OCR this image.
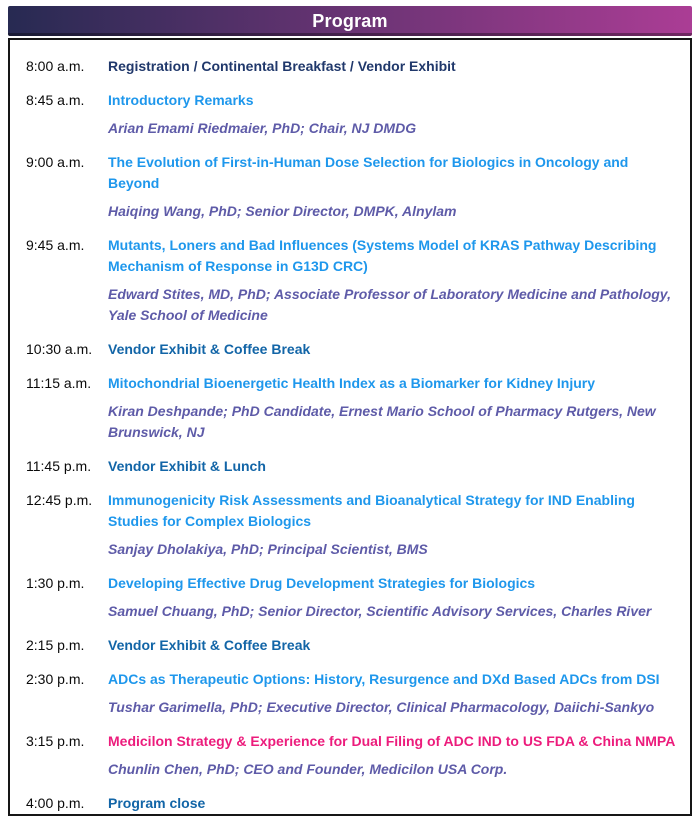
Program
8:00 a.m.	Registration / Continental Breakfast / Vendor Exhibit
8:45 a.m.	Introductory Remarks
Arian Emami Riedmaier, PhD; Chair, NJ DMDG
9:00 a.m.	The Evolution of First-in-Human Dose Selection for Biologics in Oncology and Beyond
Haiqing Wang, PhD; Senior Director, DMPK, Alnylam
9:45 a.m.	Mutants, Loners and Bad Influences (Systems Model of KRAS Pathway Describing Mechanism of Response in G13D CRC)
Edward Stites, MD, PhD; Associate Professor of Laboratory Medicine and Pathology, Yale School of Medicine
10:30 a.m.	Vendor Exhibit & Coffee Break
11:15 a.m.	Mitochondrial Bioenergetic Health Index as a Biomarker for Kidney Injury
Kiran Deshpande; PhD Candidate, Ernest Mario School of Pharmacy Rutgers, New Brunswick, NJ
11:45 p.m.	Vendor Exhibit & Lunch
12:45 p.m.	Immunogenicity Risk Assessments and Bioanalytical Strategy for IND Enabling Studies for Complex Biologics
Sanjay Dholakiya, PhD; Principal Scientist, BMS
1:30 p.m.	Developing Effective Drug Development Strategies for Biologics
Samuel Chuang, PhD; Senior Director, Scientific Advisory Services, Charles River
2:15 p.m.	Vendor Exhibit & Coffee Break
2:30 p.m.	ADCs as Therapeutic Options: History, Resurgence and DXd Based ADCs from DSI
Tushar Garimella, PhD; Executive Director, Clinical Pharmacology, Daiichi-Sankyo
3:15 p.m.	Medicilon Strategy & Experience for Dual Filing of ADC IND to US FDA & China NMPA
Chunlin Chen, PhD; CEO and Founder, Medicilon USA Corp.
4:00 p.m.	Program close
